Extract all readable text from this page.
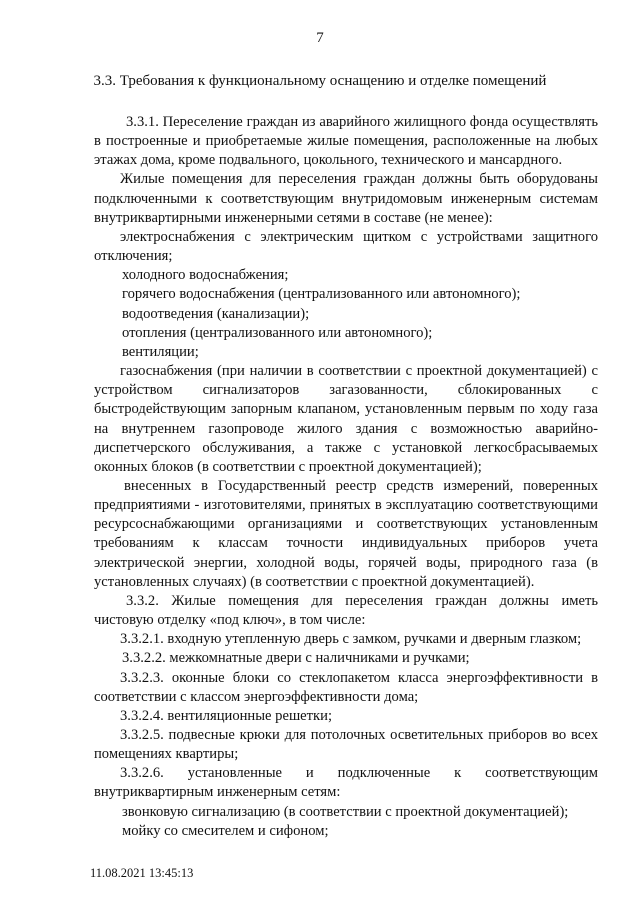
7
3.3. Требования к функциональному оснащению и отделке помещений

3.3.1. Переселение граждан из аварийного жилищного фонда осуществлять в построенные и приобретаемые жилые помещения, расположенные на любых этажах дома, кроме подвального, цокольного, технического и мансардного.

Жилые помещения для переселения граждан должны быть оборудованы подключенными к соответствующим внутридомовым инженерным системам внутриквартирными инженерными сетями в составе (не менее):

электроснабжения с электрическим щитком с устройствами защитного отключения;

холодного водоснабжения;

горячего водоснабжения (централизованного или автономного);

водоотведения (канализации);

отопления (централизованного или автономного);

вентиляции;

газоснабжения (при наличии в соответствии с проектной документацией) с устройством сигнализаторов загазованности, сблокированных с быстродействующим запорным клапаном, установленным первым по ходу газа на внутреннем газопроводе жилого здания с возможностью аварийно-диспетчерского обслуживания, а также с установкой легкосбрасываемых оконных блоков (в соответствии с проектной документацией);

внесенных в Государственный реестр средств измерений, поверенных предприятиями - изготовителями, принятых в эксплуатацию соответствующими ресурсоснабжающими организациями и соответствующих установленным требованиям к классам точности индивидуальных приборов учета электрической энергии, холодной воды, горячей воды, природного газа (в установленных случаях) (в соответствии с проектной документацией).

3.3.2. Жилые помещения для переселения граждан должны иметь чистовую отделку «под ключ», в том числе:

3.3.2.1. входную утепленную дверь с замком, ручками и дверным глазком;

3.3.2.2. межкомнатные двери с наличниками и ручками;

3.3.2.3. оконные блоки со стеклопакетом класса энергоэффективности в соответствии с классом энергоэффективности дома;

3.3.2.4. вентиляционные решетки;

3.3.2.5. подвесные крюки для потолочных осветительных приборов во всех помещениях квартиры;

3.3.2.6. установленные и подключенные к соответствующим внутриквартирным инженерным сетям:

звонковую сигнализацию (в соответствии с проектной документацией);

мойку со смесителем и сифоном;

11.08.2021 13:45:13
